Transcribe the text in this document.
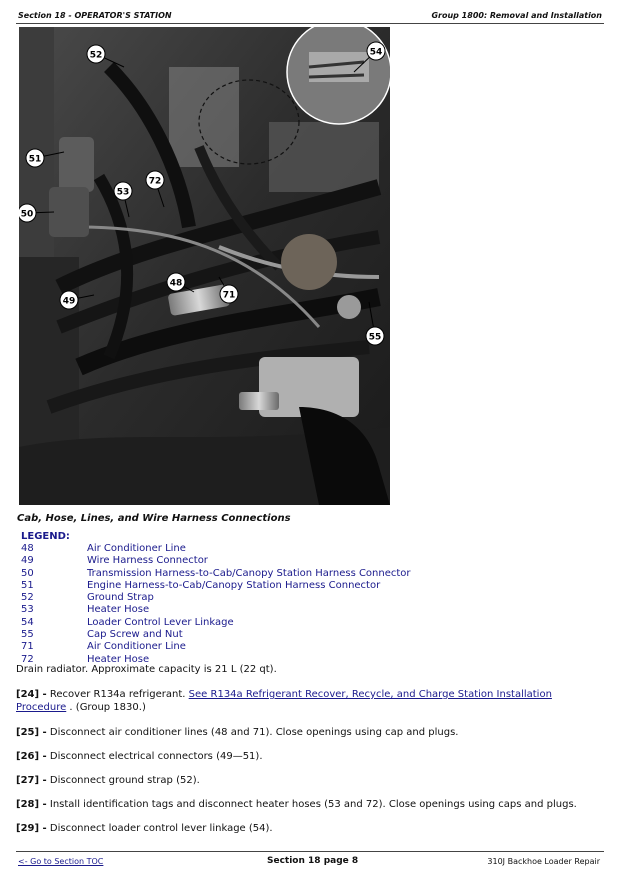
Section 18 - OPERATOR'S STATION	Group 1800: Removal and Installation
52	54
51
53
72
50
48
71
49
55
Cab, Hose, Lines, and Wire Harness Connections
LEGEND:
48	Air Conditioner Line
49	Wire Harness Connector
50	Transmission Harness-to-Cab/Canopy Station Harness Connector
51	Engine Harness-to-Cab/Canopy Station Harness Connector
52	Ground Strap
53	Heater Hose
54	Loader Control Lever Linkage
55	Cap Screw and Nut
71	Air Conditioner Line
72	Heater Hose
Drain radiator. Approximate capacity is 21 L (22 qt).
[24] - Recover R134a refrigerant. See R134a Refrigerant Recover, Recycle, and Charge Station Installation Procedure . (Group 1830.)
[25] - Disconnect air conditioner lines (48 and 71). Close openings using cap and plugs.
[26] - Disconnect electrical connectors (49—51).
[27] - Disconnect ground strap (52).
[28] - Install identification tags and disconnect heater hoses (53 and 72). Close openings using caps and plugs.
[29] - Disconnect loader control lever linkage (54).
<- Go to Section TOC	Section 18 page 8	310J Backhoe Loader Repair
